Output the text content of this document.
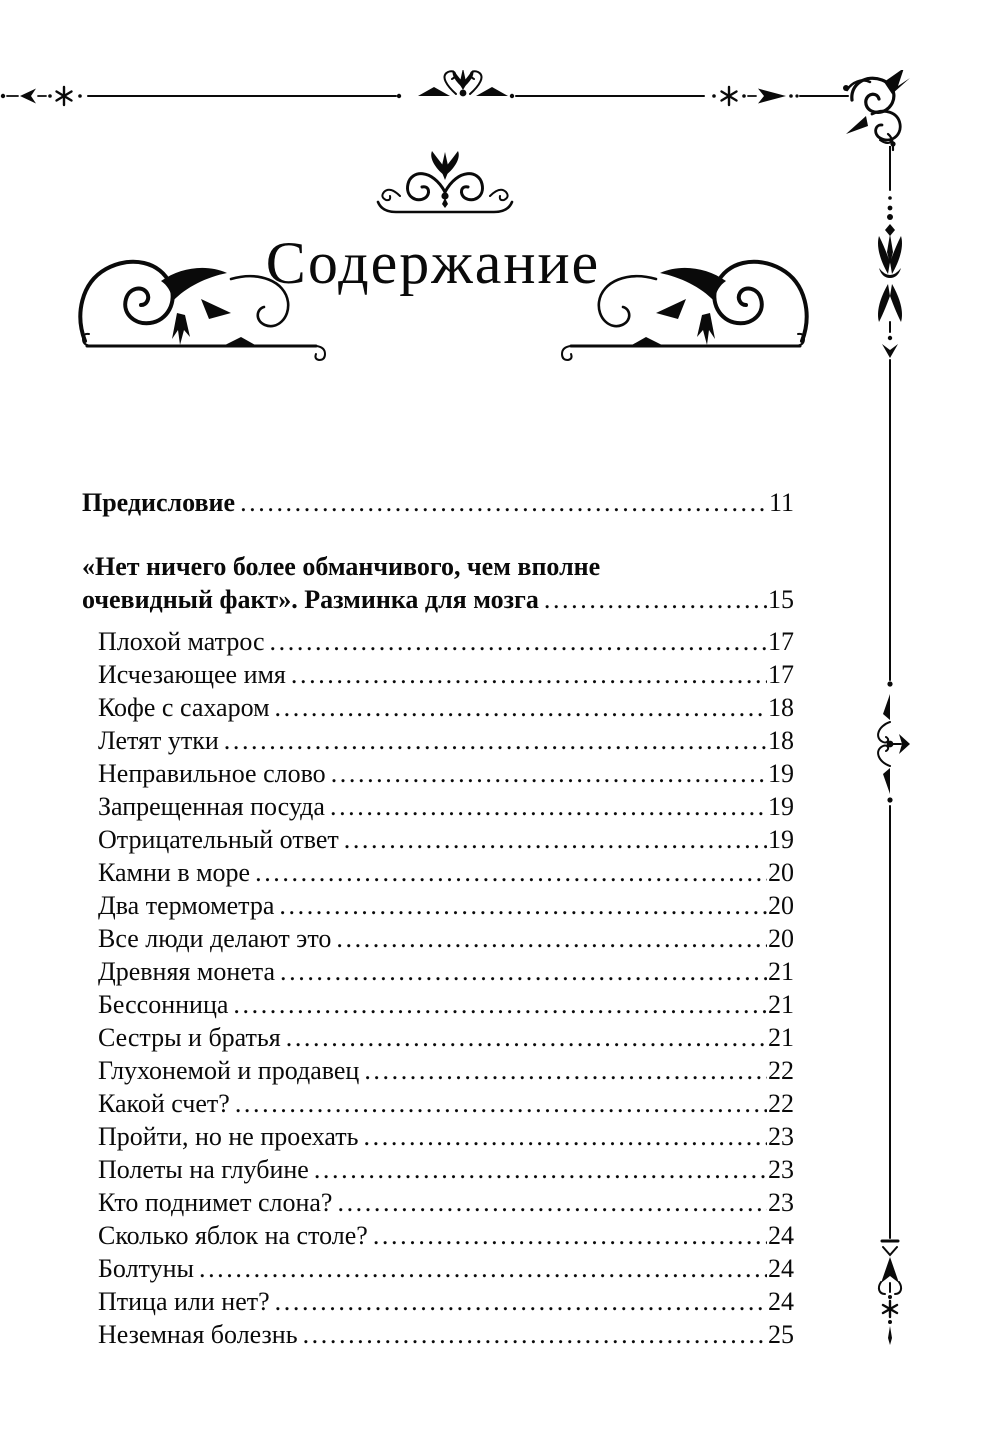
Содержание
Предисловие .....	11
«Нет ничего более обманчивого, чем вполне
очевидный факт». Разминка для мозга .....	15
Плохой матрос .....	17
Исчезающее имя .....	17
Кофе с сахаром .....	18
Летят утки .....	18
Неправильное слово .....	19
Запрещенная посуда .....	19
Отрицательный ответ .....	19
Камни в море .....	20
Два термометра .....	20
Все люди делают это .....	20
Древняя монета .....	21
Бессонница .....	21
Сестры и братья .....	21
Глухонемой и продавец .....	22
Какой счет? .....	22
Пройти, но не проехать .....	23
Полеты на глубине .....	23
Кто поднимет слона? .....	23
Сколько яблок на столе? .....	24
Болтуны .....	24
Птица или нет? .....	24
Неземная болезнь .....	25
